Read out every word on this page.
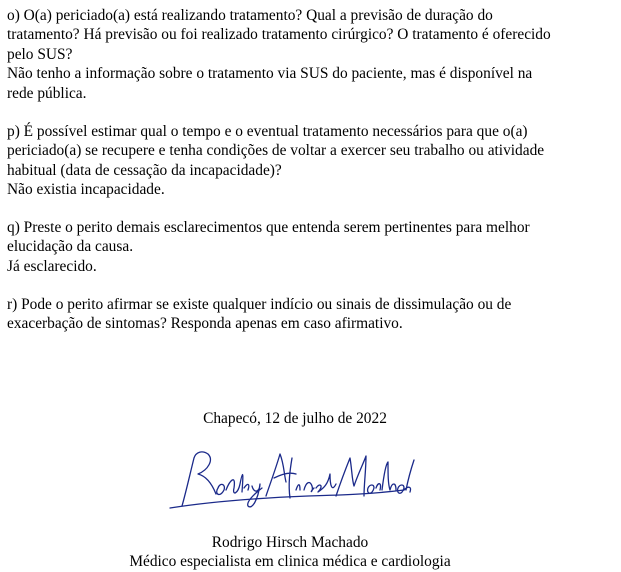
o) O(a) periciado(a) está realizando tratamento? Qual a previsão de duração do

tratamento? Há previsão ou foi realizado tratamento cirúrgico? O tratamento é oferecido

pelo SUS?

Não tenho a informação sobre o tratamento via SUS do paciente, mas é disponível na

rede pública.

p) É possível estimar qual o tempo e o eventual tratamento necessários para que o(a)

periciado(a) se recupere e tenha condições de voltar a exercer seu trabalho ou atividade

habitual (data de cessação da incapacidade)?

Não existia incapacidade.

q) Preste o perito demais esclarecimentos que entenda serem pertinentes para melhor

elucidação da causa.

Já esclarecido.

r) Pode o perito afirmar se existe qualquer indício ou sinais de dissimulação ou de

exacerbação de sintomas? Responda apenas em caso afirmativo.

Chapecó, 12 de julho de 2022
Rodrigo Hirsch Machado
Médico especialista em clinica médica e cardiologia
